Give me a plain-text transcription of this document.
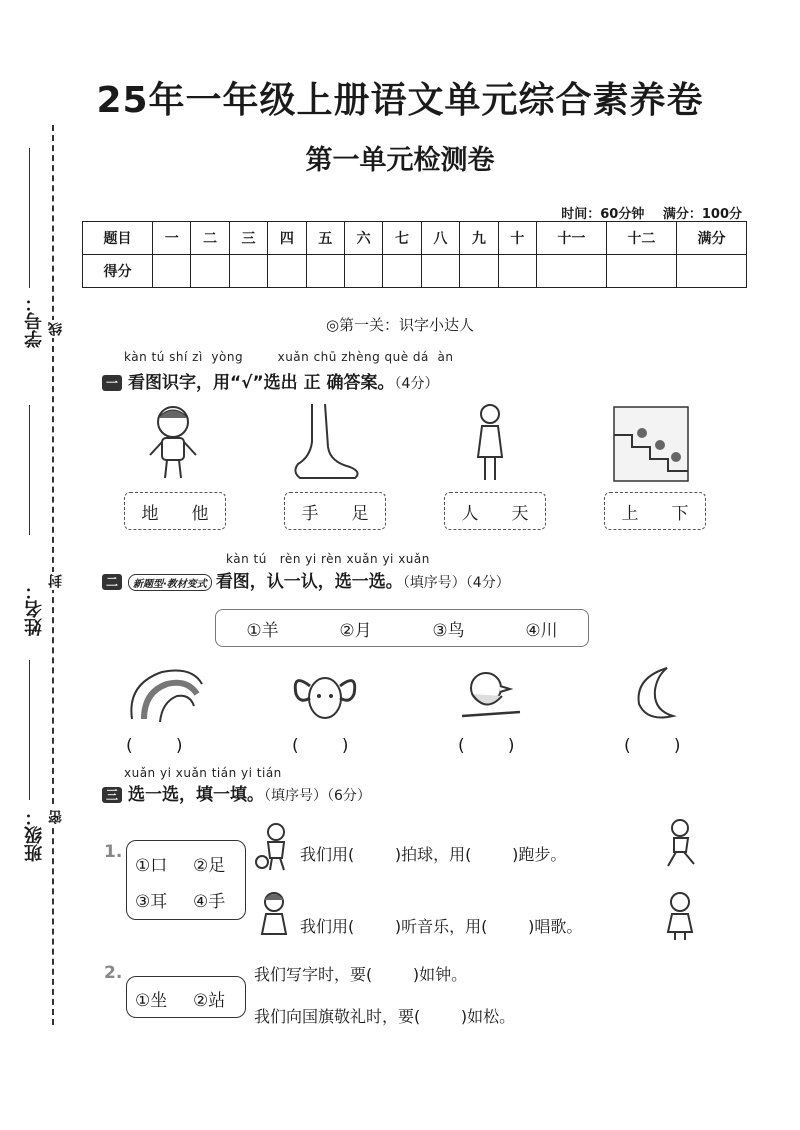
25年一年级上册语文单元综合素养卷
第一单元检测卷
时间：60分钟 满分：100分
题目	一	二	三	四	五	六	七	八	九	十	十一	十二	满分
得分													
学号： 线
姓名：
封
班级： 密
◎第一关：识字小达人
kàn tú shí zì  yòng        xuǎn chū zhèng què dá  àn
一 看图识字，用“√”选出 正 确答案。（4分）
地 他	手 足	人 天	上 下
kàn tú   rèn yi rèn xuǎn yi xuǎn
二 新题型·教材变式 看图，认一认，选一选。（填序号）（4分）
①羊	②月	③鸟	④川
(        )	(        )	(        )	(        )
xuǎn yi xuǎn tián yi tián
三 选一选，填一填。（填序号）（6分）
1.
①口 ②足
③耳 ④手
我们用(        )拍球，用(        )跑步。
我们用(        )听音乐，用(        )唱歌。
2.
①坐 ②站
我们写字时，要(        )如钟。
我们向国旗敬礼时，要(        )如松。
